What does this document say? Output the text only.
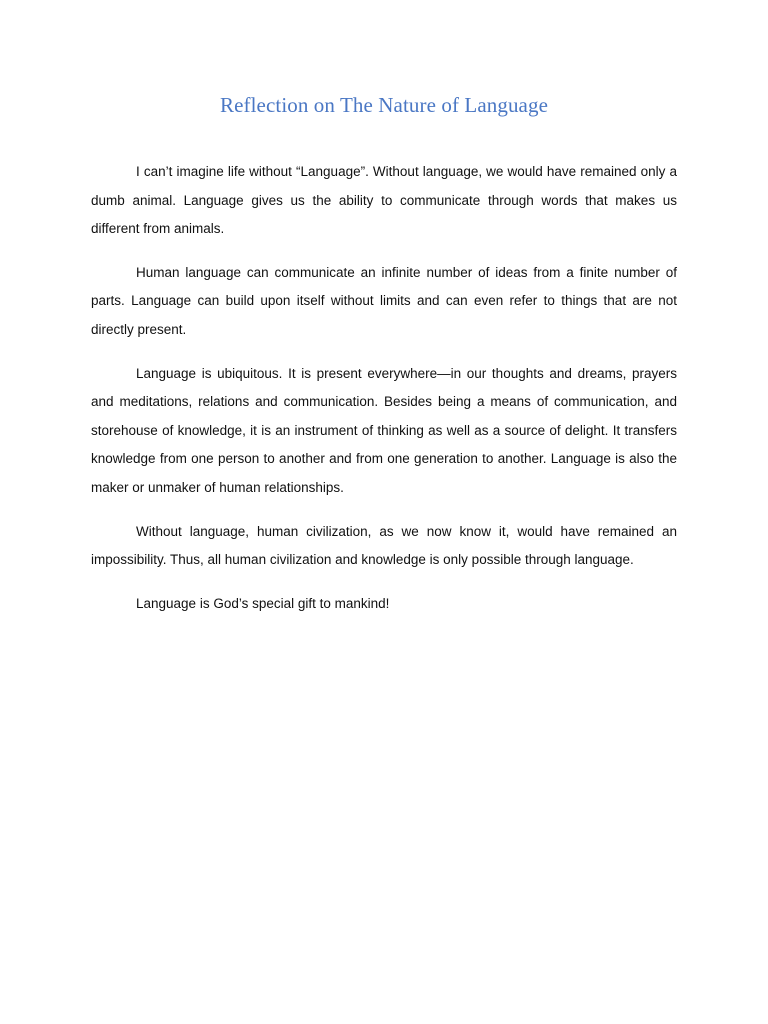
Reflection on The Nature of Language

I can’t imagine life without “Language”. Without language, we would have remained only a dumb animal. Language gives us the ability to communicate through words that makes us different from animals.

Human language can communicate an infinite number of ideas from a finite number of parts. Language can build upon itself without limits and can even refer to things that are not directly present.

Language is ubiquitous. It is present everywhere—in our thoughts and dreams, prayers and meditations, relations and communication. Besides being a means of communication, and storehouse of knowledge, it is an instrument of thinking as well as a source of delight. It transfers knowledge from one person to another and from one generation to another. Language is also the maker or unmaker of human relationships.

Without language, human civilization, as we now know it, would have remained an impossibility. Thus, all human civilization and knowledge is only possible through language.

Language is God’s special gift to mankind!
